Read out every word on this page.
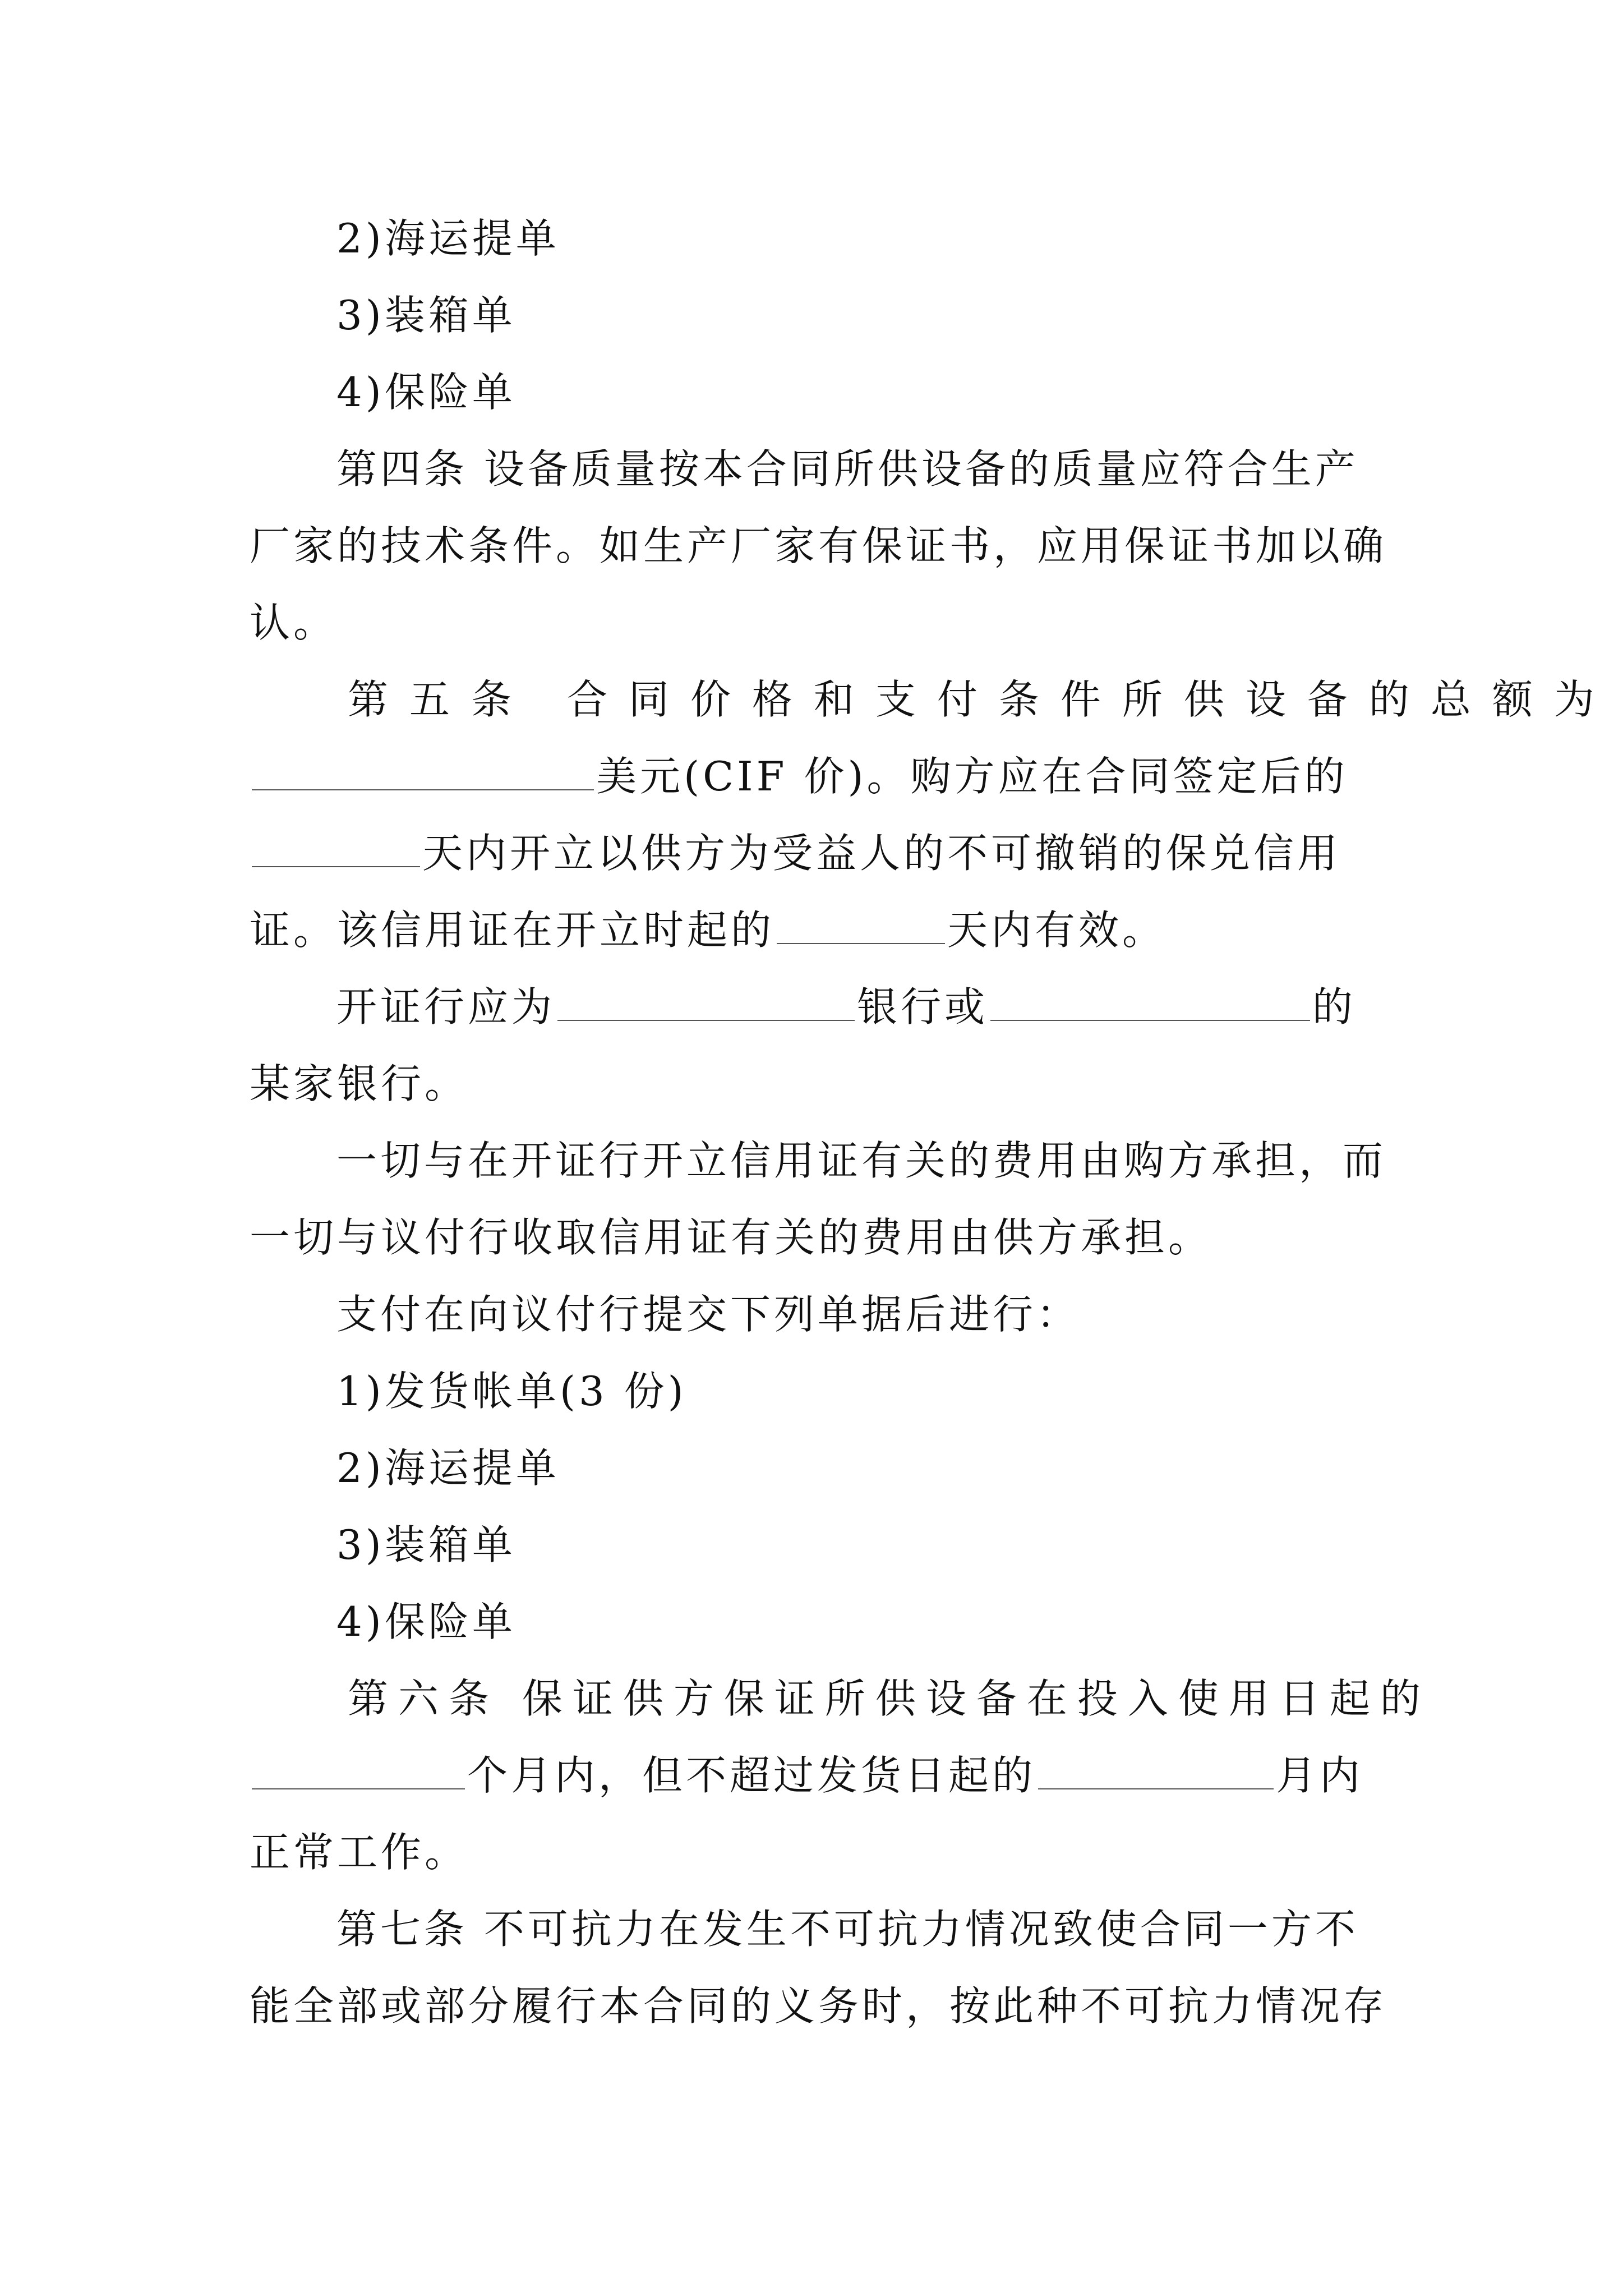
2)海运提单
3)装箱单
4)保险单
第四条 设备质量按本合同所供设备的质量应符合生产
厂家的技术条件。如生产厂家有保证书，应用保证书加以确
认。
第五条 合同价格和支付条件所供设备的总额为
美元(CIF 价)。购方应在合同签定后的
天内开立以供方为受益人的不可撤销的保兑信用
证。该信用证在开立时起的	天内有效。
开证行应为	银行或	的
某家银行。
一切与在开证行开立信用证有关的费用由购方承担，而
一切与议付行收取信用证有关的费用由供方承担。
支付在向议付行提交下列单据后进行：
1)发货帐单(3 份)
2)海运提单
3)装箱单
4)保险单
第六条 保证供方保证所供设备在投入使用日起的
个月内，但不超过发货日起的	月内
正常工作。
第七条 不可抗力在发生不可抗力情况致使合同一方不
能全部或部分履行本合同的义务时，按此种不可抗力情况存
